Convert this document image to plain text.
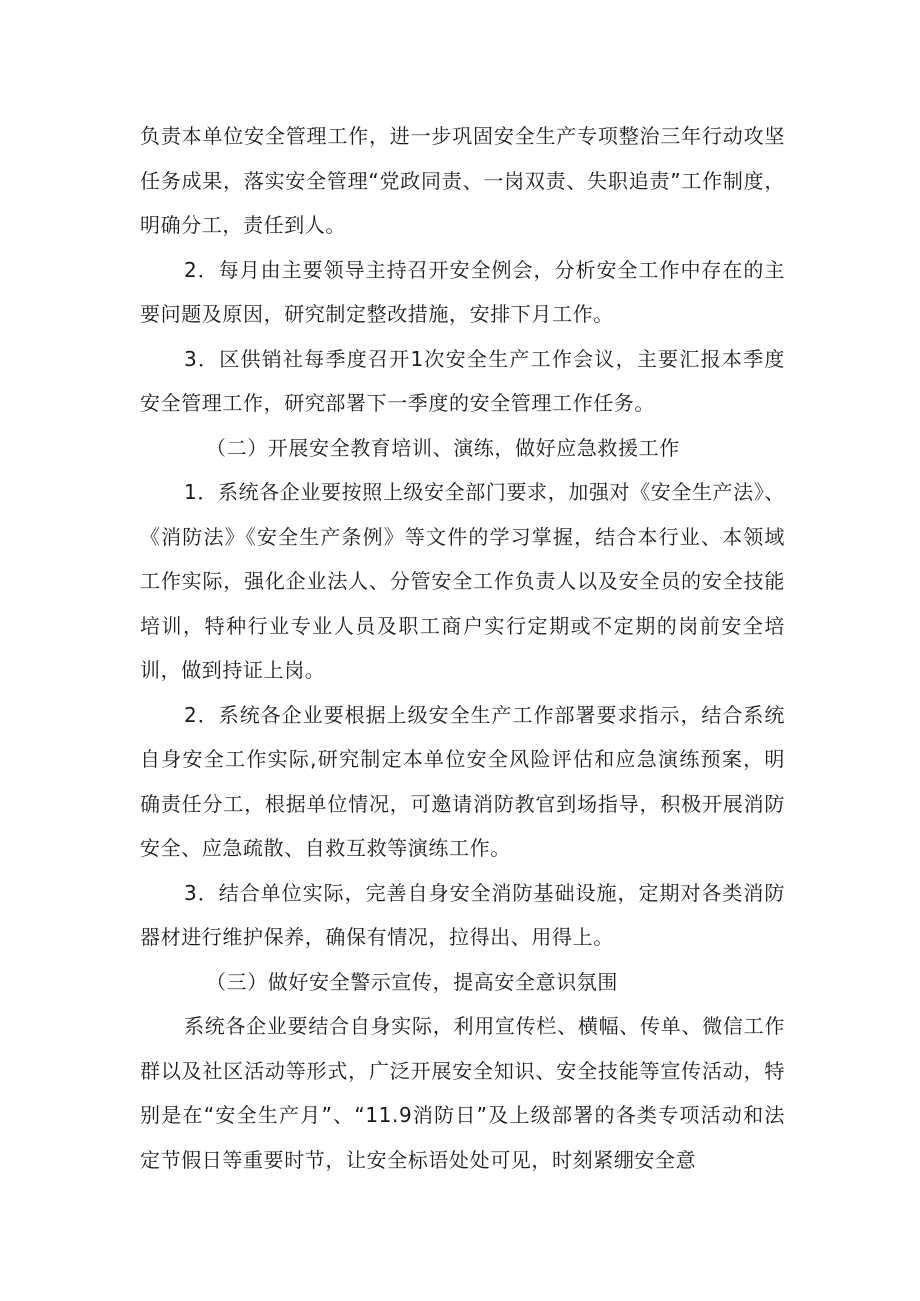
负责本单位安全管理工作，进一步巩固安全生产专项整治三年行动攻坚任务成果，落实安全管理“党政同责、一岗双责、失职追责”工作制度，明确分工，责任到人。

2．每月由主要领导主持召开安全例会，分析安全工作中存在的主要问题及原因，研究制定整改措施，安排下月工作。

3．区供销社每季度召开1次安全生产工作会议，主要汇报本季度安全管理工作，研究部署下一季度的安全管理工作任务。

（二）开展安全教育培训、演练，做好应急救援工作

1．系统各企业要按照上级安全部门要求，加强对《安全生产法》、《消防法》《安全生产条例》等文件的学习掌握，结合本行业、本领域工作实际，强化企业法人、分管安全工作负责人以及安全员的安全技能培训，特种行业专业人员及职工商户实行定期或不定期的岗前安全培训，做到持证上岗。

2．系统各企业要根据上级安全生产工作部署要求指示，结合系统自身安全工作实际,研究制定本单位安全风险评估和应急演练预案，明确责任分工，根据单位情况，可邀请消防教官到场指导，积极开展消防安全、应急疏散、自救互救等演练工作。

3．结合单位实际，完善自身安全消防基础设施，定期对各类消防器材进行维护保养，确保有情况，拉得出、用得上。

（三）做好安全警示宣传，提高安全意识氛围

系统各企业要结合自身实际，利用宣传栏、横幅、传单、微信工作群以及社区活动等形式，广泛开展安全知识、安全技能等宣传活动，特别是在“安全生产月”、“11.9消防日”及上级部署的各类专项活动和法定节假日等重要时节，让安全标语处处可见，时刻紧绷安全意
